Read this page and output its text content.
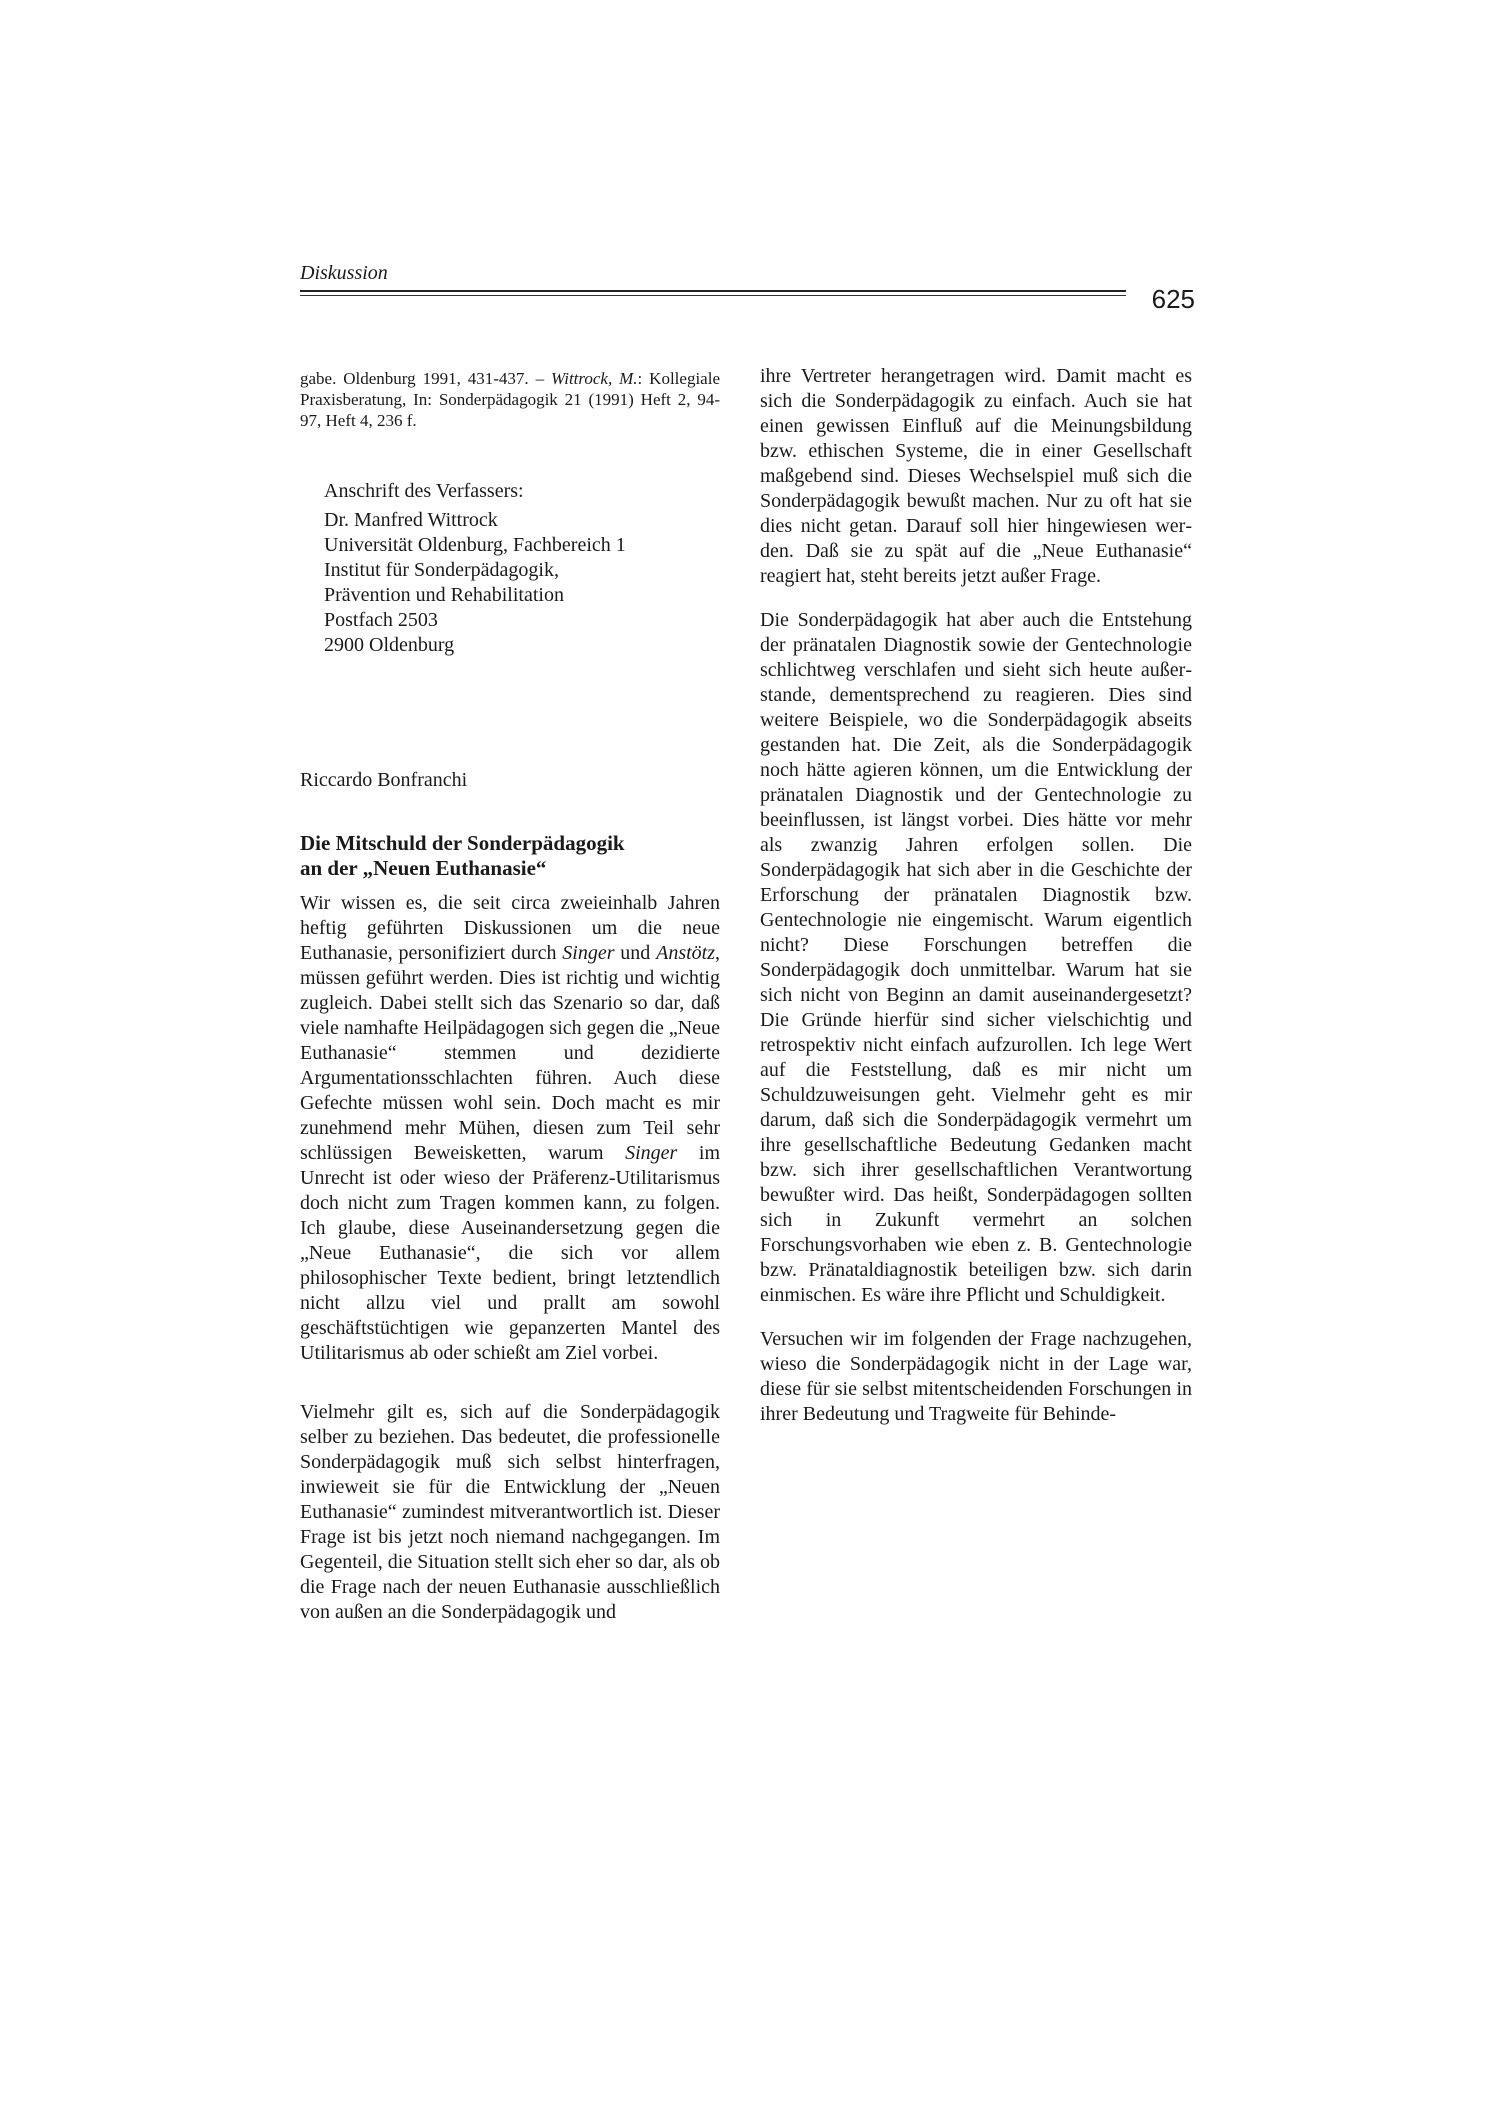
Diskussion
625

gabe. Oldenburg 1991, 431-437. – Wittrock, M.: Kollegiale Praxisberatung, In: Sonderpädagogik 21 (1991) Heft 2, 94-97, Heft 4, 236 f.

Anschrift des Verfassers:
Dr. Manfred Wittrock
Universität Oldenburg, Fachbereich 1
Institut für Sonderpädagogik,
Prävention und Rehabilitation
Postfach 2503
2900 Oldenburg
Riccardo Bonfranchi
Die Mitschuld der Sonderpädagogik
an der „Neuen Euthanasie“

Wir wissen es, die seit circa zweieinhalb Jahren heftig geführten Diskussionen um die neue Euthanasie, personifiziert durch Singer und Anstötz, müssen geführt werden. Dies ist richtig und wichtig zugleich. Dabei stellt sich das Szenario so dar, daß viele namhafte Heilpädagogen sich gegen die „Neue Euthanasie“ stemmen und dezidierte Argumentationsschlachten führen. Auch diese Gefechte müssen wohl sein. Doch macht es mir zunehmend mehr Mühen, diesen zum Teil sehr schlüssigen Beweisketten, warum Singer im Unrecht ist oder wieso der Präferenz-Utilitarismus doch nicht zum Tragen kommen kann, zu folgen. Ich glaube, diese Auseinandersetzung gegen die „Neue Euthanasie“, die sich vor allem philosophischer Texte bedient, bringt letztendlich nicht allzu viel und prallt am sowohl geschäftstüchtigen wie gepanzerten Mantel des Utilitarismus ab oder schießt am Ziel vorbei.

Vielmehr gilt es, sich auf die Sonderpädagogik selber zu beziehen. Das bedeutet, die professionelle Sonderpädagogik muß sich selbst hinterfragen, inwieweit sie für die Entwicklung der „Neuen Euthanasie“ zumindest mitverantwortlich ist. Dieser Frage ist bis jetzt noch niemand nachgegangen. Im Gegenteil, die Situation stellt sich eher so dar, als ob die Frage nach der neuen Euthanasie ausschließlich von außen an die Sonderpädagogik und

ihre Vertreter herangetragen wird. Damit macht es sich die Sonderpädagogik zu einfach. Auch sie hat einen gewissen Einfluß auf die Meinungsbildung bzw. ethischen Systeme, die in einer Gesellschaft maßgebend sind. Dieses Wechselspiel muß sich die Sonderpädagogik bewußt machen. Nur zu oft hat sie dies nicht getan. Darauf soll hier hingewiesen werden. Daß sie zu spät auf die „Neue Euthanasie“ reagiert hat, steht bereits jetzt außer Frage.

Die Sonderpädagogik hat aber auch die Entstehung der pränatalen Diagnostik sowie der Gentechnologie schlichtweg verschlafen und sieht sich heute außerstande, dementsprechend zu reagieren. Dies sind weitere Beispiele, wo die Sonderpädagogik abseits gestanden hat. Die Zeit, als die Sonderpädagogik noch hätte agieren können, um die Entwicklung der pränatalen Diagnostik und der Gentechnologie zu beeinflussen, ist längst vorbei. Dies hätte vor mehr als zwanzig Jahren erfolgen sollen. Die Sonderpädagogik hat sich aber in die Geschichte der Erforschung der pränatalen Diagnostik bzw. Gentechnologie nie eingemischt. Warum eigentlich nicht? Diese Forschungen betreffen die Sonderpädagogik doch unmittelbar. Warum hat sie sich nicht von Beginn an damit auseinandergesetzt? Die Gründe hierfür sind sicher vielschichtig und retrospektiv nicht einfach aufzurollen. Ich lege Wert auf die Feststellung, daß es mir nicht um Schuldzuweisungen geht. Vielmehr geht es mir darum, daß sich die Sonderpädagogik vermehrt um ihre gesellschaftliche Bedeutung Gedanken macht bzw. sich ihrer gesellschaftlichen Verantwortung bewußter wird. Das heißt, Sonderpädagogen sollten sich in Zukunft vermehrt an solchen Forschungsvorhaben wie eben z. B. Gentechnologie bzw. Pränataldiagnostik beteiligen bzw. sich darin einmischen. Es wäre ihre Pflicht und Schuldigkeit.

Versuchen wir im folgenden der Frage nachzugehen, wieso die Sonderpädagogik nicht in der Lage war, diese für sie selbst mitentscheidenden Forschungen in ihrer Bedeutung und Tragweite für Behinde-
